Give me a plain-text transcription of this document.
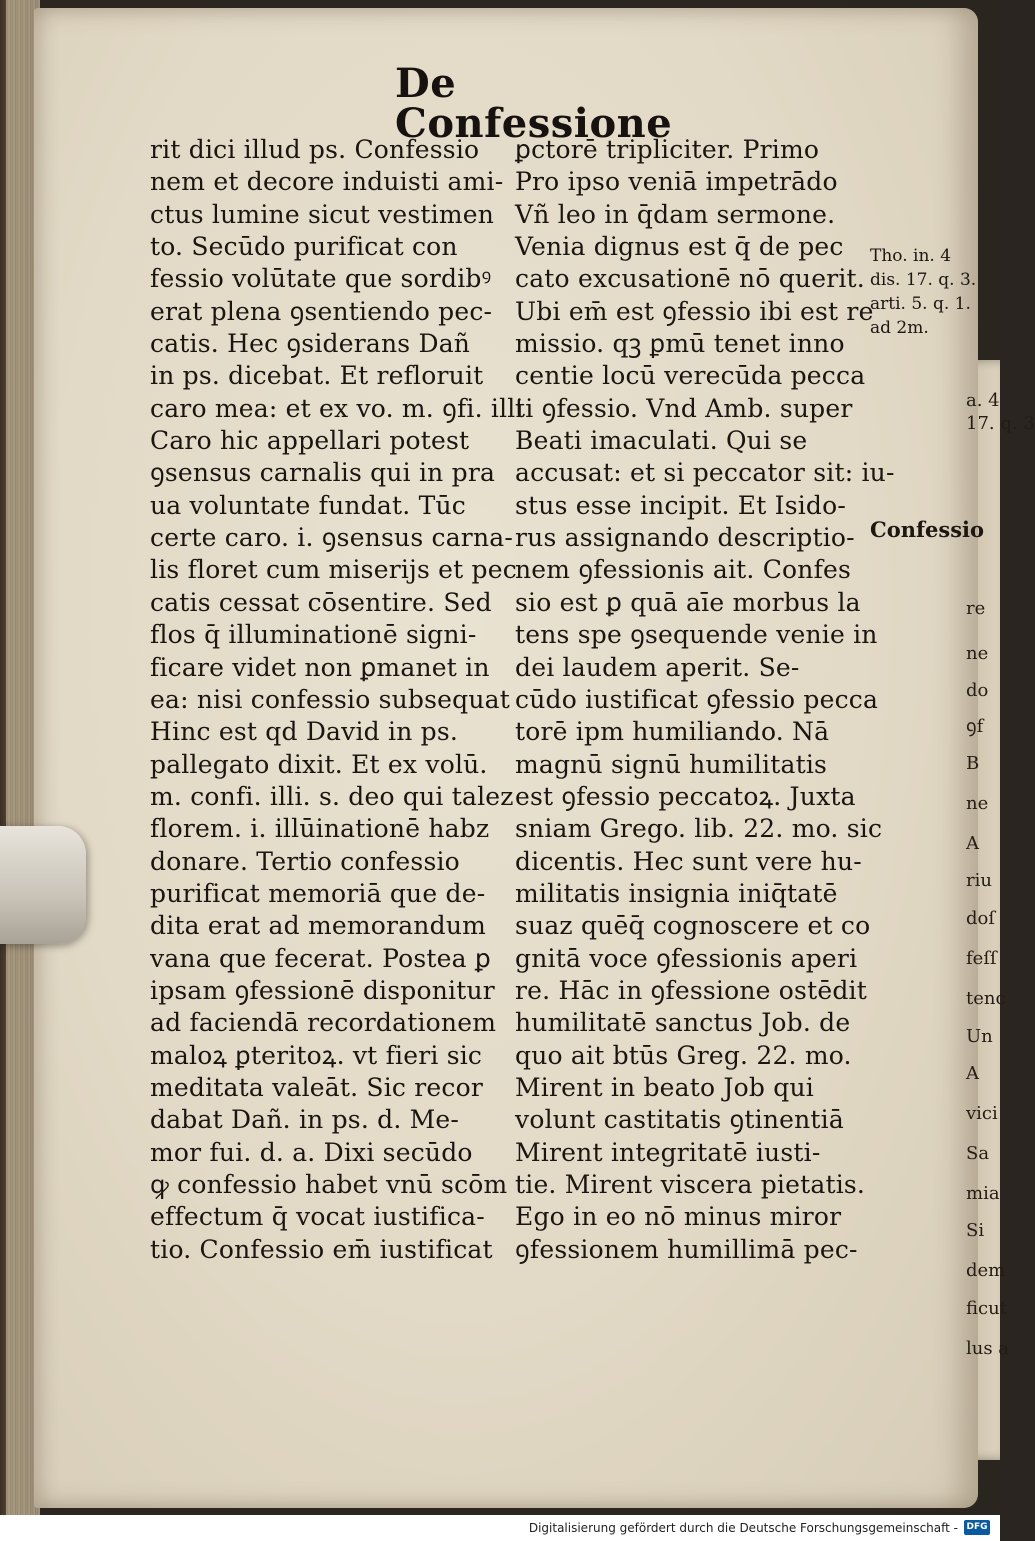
De Confessione
rit dici illud ps. Confessio
nem et decore induisti ami-
ctus lumine sicut vestimen
to. Secūdo purificat con
fessio volūtate que sordibꝰ
erat plena ꝯsentiendo pec-
catis. Hec ꝯsiderans Dañ
in ps. dicebat. Et refloruit
caro mea: et ex vo. m. ꝯfi. illi
Caro hic appellari potest
ꝯsensus carnalis qui in pra
ua voluntate fundat. Tūc
certe caro. i. ꝯsensus carna-
lis floret cum miserijs et pec
catis cessat cōsentire. Sed
flos q̄ illuminationē signi-
ficare videt non ꝑmanet in
ea: nisi confessio subsequat
Hinc est qd David in ps.
pallegato dixit. Et ex volū.
m. confi. illi. s. deo qui talez
florem. i. illūinationē habz
donare. Tertio confessio
purificat memoriā que de-
dita erat ad memorandum
vana que fecerat. Postea ꝑ
ipsam ꝯfessionē disponitur
ad faciendā recordationem
maloꝝ ꝑteritoꝝ. vt fieri sic
meditata valeāt. Sic recor
dabat Dañ. in ps. d. Me-
mor fui. d. a. Dixi secūdo
ꝙ confessio habet vnū scōm
effectum q̄ vocat iustifica-
tio. Confessio em̄ iustificat
ꝑctorē tripliciter. Primo
Pro ipso veniā impetrādo
Vñ leo in q̄dam sermone.
Venia dignus est q̄ de pec
cato excusationē nō querit.
Ubi em̄ est ꝯfessio ibi est re
missio. qꝫ ꝑmū tenet inno
centie locū verecūda pecca
ti ꝯfessio. Vnd Amb. super
Beati imaculati. Qui se
accusat: et si peccator sit: iu-
stus esse incipit. Et Isido-
rus assignando descriptio-
nem ꝯfessionis ait. Confes
sio est ꝑ quā aīe morbus la
tens spe ꝯsequende venie in
dei laudem aperit. Se-
cūdo iustificat ꝯfessio pecca
torē ipm humiliando. Nā
magnū signū humilitatis
est ꝯfessio peccatoꝝ. Juxta
sniam Grego. lib. 22. mo. sic
dicentis. Hec sunt vere hu-
militatis insignia iniq̄tatē
suaz quēq̄ cognoscere et co
gnitā voce ꝯfessionis aperi
re. Hāc in ꝯfessione ostēdit
humilitatē sanctus Job. de
quo ait btūs Greg. 22. mo.
Mirent in beato Job qui
volunt castitatis ꝯtinentiā
Mirent integritatē iusti-
tie. Mirent viscera pietatis.
Ego in eo nō minus miror
ꝯfessionem humillimā pec-
Tho. in. 4
dis. 17. q. 3.
arti. 5. q. 1.
ad 2m.
Confessio
a. 4
17. q. 3
re
ne
do
ꝯf
B
ne
A
riu
doſ
feſſ
tenc
Un
A
vici
Sa
mia
Si
dem
ficut
lus a
Digitalisierung gefördert durch die Deutsche Forschungsgemeinschaft - DFG
